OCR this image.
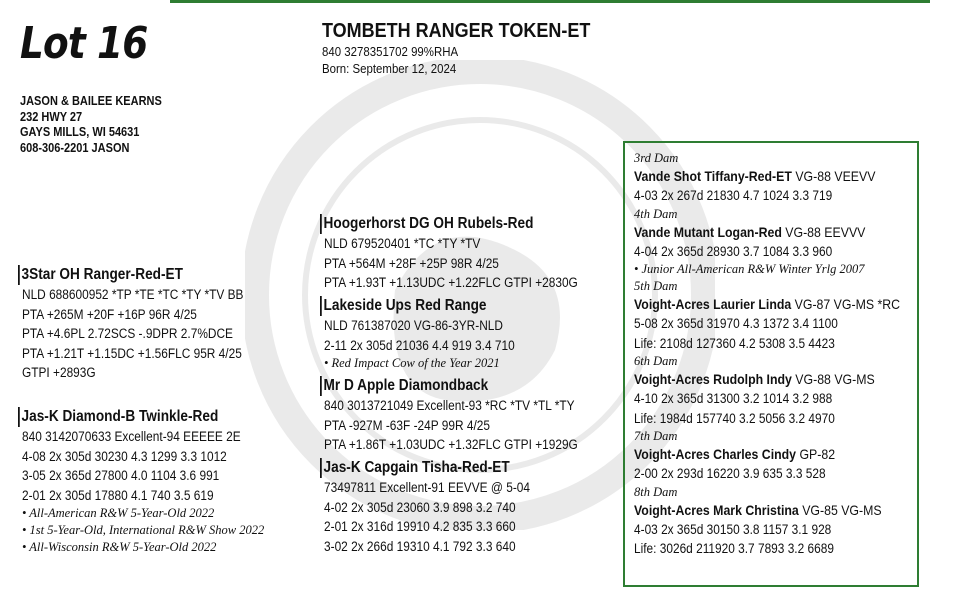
Lot 16
JASON & BAILEE KEARNS
232 HWY 27
GAYS MILLS, WI 54631
608-306-2201 JASON
TOMBETH RANGER TOKEN-ET
840 3278351702 99%RHA
Born: September 12, 2024
3Star OH Ranger-Red-ET
NLD 688600952 *TP *TE *TC *TY *TV BB
PTA +265M +20F +16P 96R 4/25
PTA +4.6PL 2.72SCS -.9DPR 2.7%DCE
PTA +1.21T +1.15DC +1.56FLC 95R 4/25
GTPI +2893G
Jas-K Diamond-B Twinkle-Red
840 3142070633 Excellent-94 EEEEE 2E
4-08 2x 305d 30230 4.3 1299 3.3 1012
3-05 2x 365d 27800 4.0 1104 3.6 991
2-01 2x 305d 17880 4.1 740 3.5 619
• All-American R&W 5-Year-Old 2022
• 1st 5-Year-Old, International R&W Show 2022
• All-Wisconsin R&W 5-Year-Old 2022
Hoogerhorst DG OH Rubels-Red
NLD 679520401 *TC *TY *TV
PTA +564M +28F +25P 98R 4/25
PTA +1.93T +1.13UDC +1.22FLC GTPI +2830G
Lakeside Ups Red Range
NLD 761387020 VG-86-3YR-NLD
2-11 2x 305d 21036 4.4 919 3.4 710
• Red Impact Cow of the Year 2021
Mr D Apple Diamondback
840 3013721049 Excellent-93 *RC *TV *TL *TY
PTA -927M -63F -24P 99R 4/25
PTA +1.86T +1.03UDC +1.32FLC GTPI +1929G
Jas-K Capgain Tisha-Red-ET
73497811 Excellent-91 EEVVE @ 5-04
4-02 2x 305d 23060 3.9 898 3.2 740
2-01 2x 316d 19910 4.2 835 3.3 660
3-02 2x 266d 19310 4.1 792 3.3 640
3rd Dam
Vande Shot Tiffany-Red-ET VG-88 VEEVV
4-03 2x 267d 21830 4.7 1024 3.3 719
4th Dam
Vande Mutant Logan-Red VG-88 EEVVV
4-04 2x 365d 28930 3.7 1084 3.3 960
• Junior All-American R&W Winter Yrlg 2007
5th Dam
Voight-Acres Laurier Linda VG-87 VG-MS *RC
5-08 2x 365d 31970 4.3 1372 3.4 1100
Life: 2108d 127360 4.2 5308 3.5 4423
6th Dam
Voight-Acres Rudolph Indy VG-88 VG-MS
4-10 2x 365d 31300 3.2 1014 3.2 988
Life: 1984d 157740 3.2 5056 3.2 4970
7th Dam
Voight-Acres Charles Cindy GP-82
2-00 2x 293d 16220 3.9 635 3.3 528
8th Dam
Voight-Acres Mark Christina VG-85 VG-MS
4-03 2x 365d 30150 3.8 1157 3.1 928
Life: 3026d 211920 3.7 7893 3.2 6689
